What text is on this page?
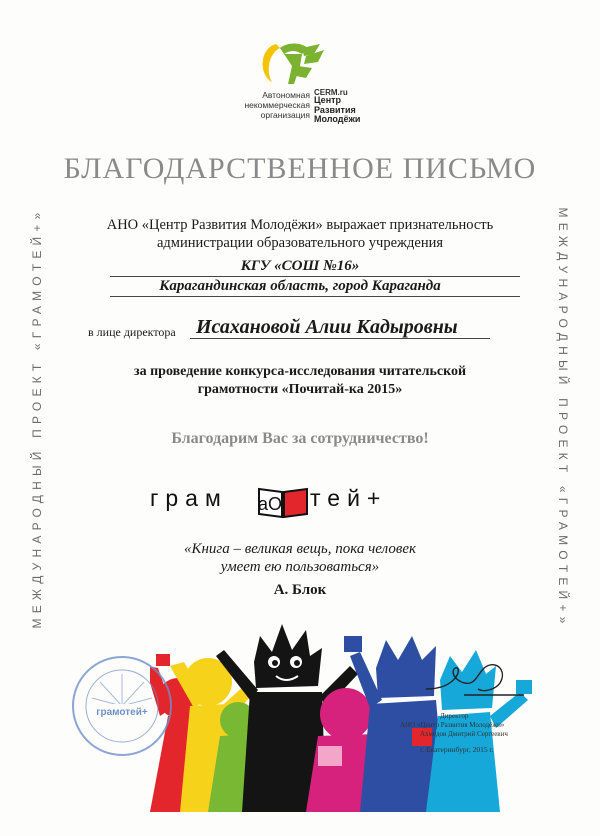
МЕЖДУНАРОДНЫЙ ПРОЕКТ «ГРАМОТЕЙ+»	МЕЖДУНАРОДНЫЙ ПРОЕКТ «ГРАМОТЕЙ+»
Автономная
некоммерческая
организация
CERM.ru
Центр
Развития
Молодёжи
БЛАГОДАРСТВЕННОЕ ПИСЬМО
АНО «Центр Развития Молодёжи» выражает признательность
администрации образовательного учреждения
КГУ «СОШ №16»
Карагандинская область, город Караганда
в лице директора Исахановой Алии Кадыровны
за проведение конкурса-исследования читательской
грамотности «Почитай-ка 2015»
Благодарим Вас за сотрудничество!
грам аО тей+
«Книга – великая вещь, пока человек
умеет ею пользоваться»
А. Блок
грамотей+	Директор
АНО «Центр Развития Молодёжи»
Ахмедов Дмитрий Сергеевич
г. Екатеринбург, 2015 г.
